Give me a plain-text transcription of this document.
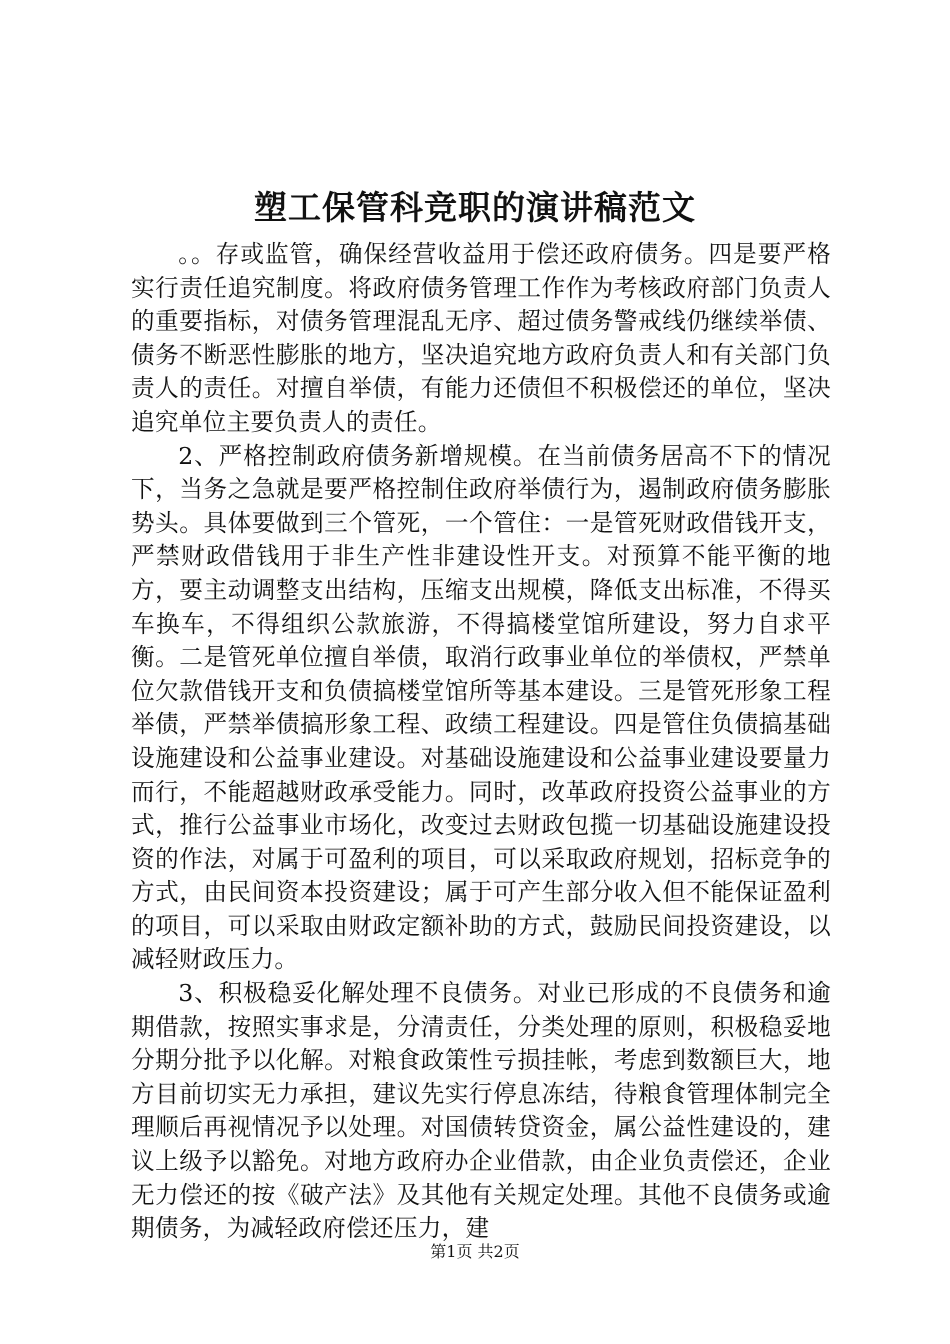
塑工保管科竞职的演讲稿范文

。。存或监管，确保经营收益用于偿还政府债务。四是要严格实行责任追究制度。将政府债务管理工作作为考核政府部门负责人的重要指标，对债务管理混乱无序、超过债务警戒线仍继续举债、债务不断恶性膨胀的地方，坚决追究地方政府负责人和有关部门负责人的责任。对擅自举债，有能力还债但不积极偿还的单位，坚决追究单位主要负责人的责任。

2、严格控制政府债务新增规模。在当前债务居高不下的情况下，当务之急就是要严格控制住政府举债行为，遏制政府债务膨胀势头。具体要做到三个管死，一个管住：一是管死财政借钱开支，严禁财政借钱用于非生产性非建设性开支。对预算不能平衡的地方，要主动调整支出结构，压缩支出规模，降低支出标准，不得买车换车，不得组织公款旅游，不得搞楼堂馆所建设，努力自求平衡。二是管死单位擅自举债，取消行政事业单位的举债权，严禁单位欠款借钱开支和负债搞楼堂馆所等基本建设。三是管死形象工程举债，严禁举债搞形象工程、政绩工程建设。四是管住负债搞基础设施建设和公益事业建设。对基础设施建设和公益事业建设要量力而行，不能超越财政承受能力。同时，改革政府投资公益事业的方式，推行公益事业市场化，改变过去财政包揽一切基础设施建设投资的作法，对属于可盈利的项目，可以采取政府规划，招标竞争的方式，由民间资本投资建设；属于可产生部分收入但不能保证盈利的项目，可以采取由财政定额补助的方式，鼓励民间投资建设，以减轻财政压力。

3、积极稳妥化解处理不良债务。对业已形成的不良债务和逾期借款，按照实事求是，分清责任，分类处理的原则，积极稳妥地分期分批予以化解。对粮食政策性亏损挂帐，考虑到数额巨大，地方目前切实无力承担，建议先实行停息冻结，待粮食管理体制完全理顺后再视情况予以处理。对国债转贷资金，属公益性建设的，建议上级予以豁免。对地方政府办企业借款，由企业负责偿还，企业无力偿还的按《破产法》及其他有关规定处理。其他不良债务或逾期债务，为减轻政府偿还压力，建

第1页 共2页
